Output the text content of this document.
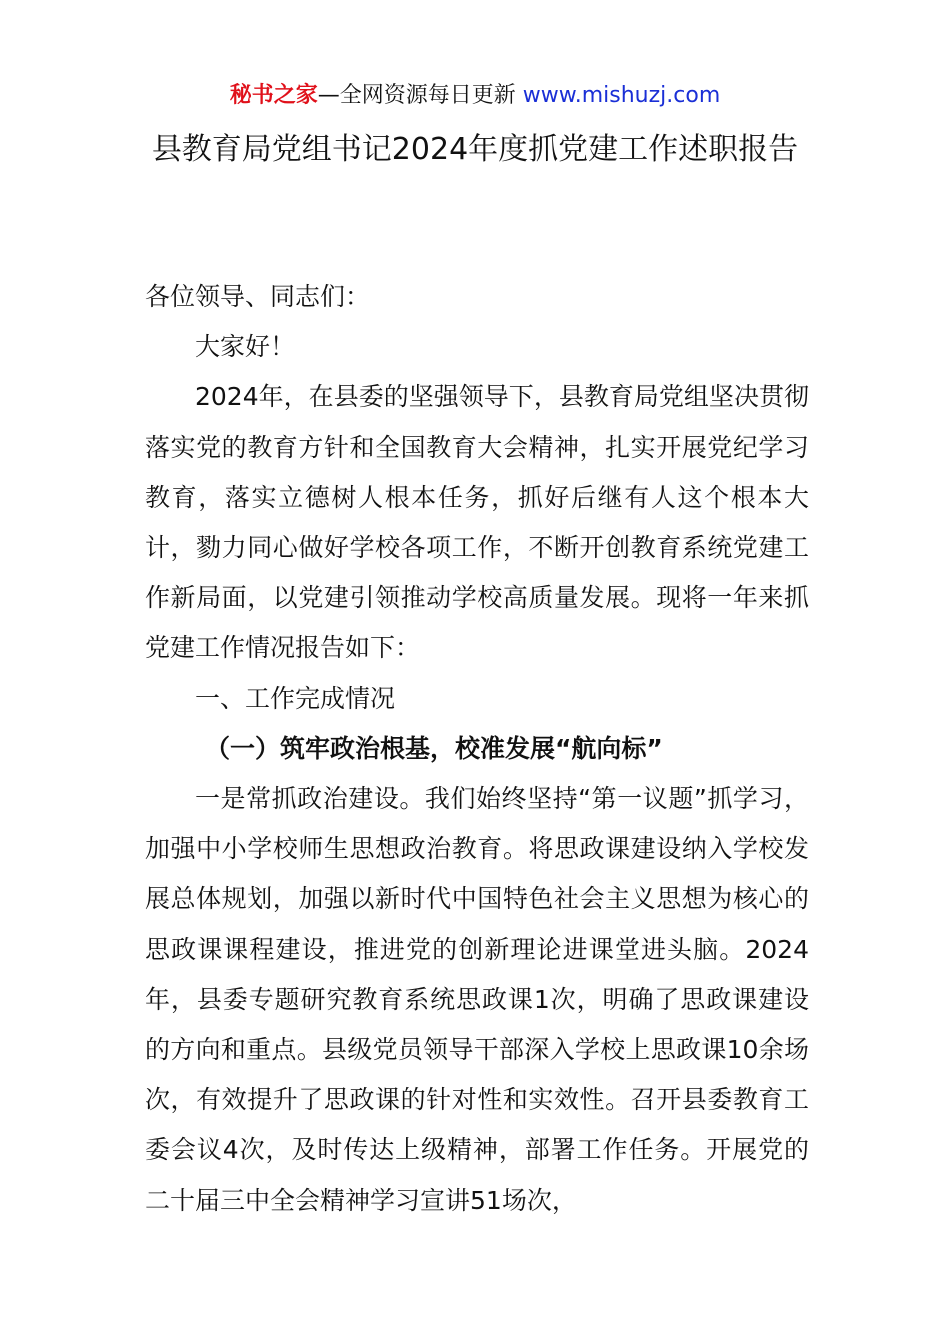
秘书之家—全网资源每日更新 www.mishuzj.com
县教育局党组书记2024年度抓党建工作述职报告

各位领导、同志们：

大家好！

2024年，在县委的坚强领导下，县教育局党组坚决贯彻落实党的教育方针和全国教育大会精神，扎实开展党纪学习教育，落实立德树人根本任务，抓好后继有人这个根本大计，勠力同心做好学校各项工作，不断开创教育系统党建工作新局面，以党建引领推动学校高质量发展。现将一年来抓党建工作情况报告如下：

一、工作完成情况

（一）筑牢政治根基，校准发展“航向标”

一是常抓政治建设。我们始终坚持“第一议题”抓学习，加强中小学校师生思想政治教育。将思政课建设纳入学校发展总体规划，加强以新时代中国特色社会主义思想为核心的思政课课程建设，推进党的创新理论进课堂进头脑。2024年，县委专题研究教育系统思政课1次，明确了思政课建设的方向和重点。县级党员领导干部深入学校上思政课10余场次，有效提升了思政课的针对性和实效性。召开县委教育工委会议4次，及时传达上级精神，部署工作任务。开展党的二十届三中全会精神学习宣讲51场次，
